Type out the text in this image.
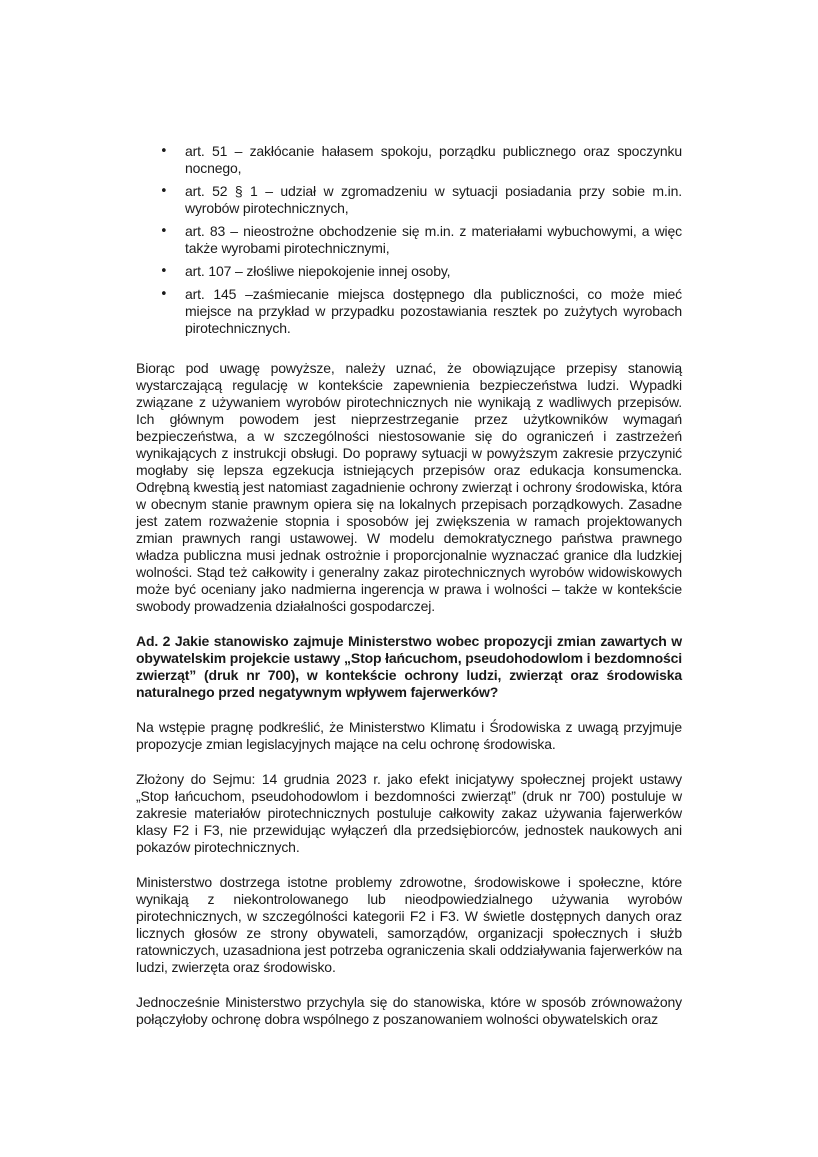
• art. 51 – zakłócanie hałasem spokoju, porządku publicznego oraz spoczynku nocnego,
• art. 52 § 1 – udział w zgromadzeniu w sytuacji posiadania przy sobie m.in. wyrobów pirotechnicznych,
• art. 83 – nieostrożne obchodzenie się m.in. z materiałami wybuchowymi, a więc także wyrobami pirotechnicznymi,
• art. 107 – złośliwe niepokojenie innej osoby,
• art. 145 –zaśmiecanie miejsca dostępnego dla publiczności, co może mieć miejsce na przykład w przypadku pozostawiania resztek po zużytych wyrobach pirotechnicznych.

Biorąc pod uwagę powyższe, należy uznać, że obowiązujące przepisy stanowią wystarczającą regulację w kontekście zapewnienia bezpieczeństwa ludzi. Wypadki związane z używaniem wyrobów pirotechnicznych nie wynikają z wadliwych przepisów. Ich głównym powodem jest nieprzestrzeganie przez użytkowników wymagań bezpieczeństwa, a w szczególności niestosowanie się do ograniczeń i zastrzeżeń wynikających z instrukcji obsługi. Do poprawy sytuacji w powyższym zakresie przyczynić mogłaby się lepsza egzekucja istniejących przepisów oraz edukacja konsumencka. Odrębną kwestią jest natomiast zagadnienie ochrony zwierząt i ochrony środowiska, która w obecnym stanie prawnym opiera się na lokalnych przepisach porządkowych. Zasadne jest zatem rozważenie stopnia i sposobów jej zwiększenia w ramach projektowanych zmian prawnych rangi ustawowej. W modelu demokratycznego państwa prawnego władza publiczna musi jednak ostrożnie i proporcjonalnie wyznaczać granice dla ludzkiej wolności. Stąd też całkowity i generalny zakaz pirotechnicznych wyrobów widowiskowych może być oceniany jako nadmierna ingerencja w prawa i wolności – także w kontekście swobody prowadzenia działalności gospodarczej.

Ad. 2 Jakie stanowisko zajmuje Ministerstwo wobec propozycji zmian zawartych w obywatelskim projekcie ustawy „Stop łańcuchom, pseudohodowlom i bezdomności zwierząt” (druk nr 700), w kontekście ochrony ludzi, zwierząt oraz środowiska naturalnego przed negatywnym wpływem fajerwerków?

Na wstępie pragnę podkreślić, że Ministerstwo Klimatu i Środowiska z uwagą przyjmuje propozycje zmian legislacyjnych mające na celu ochronę środowiska.

Złożony do Sejmu: 14 grudnia 2023 r. jako efekt inicjatywy społecznej projekt ustawy „Stop łańcuchom, pseudohodowlom i bezdomności zwierząt” (druk nr 700) postuluje w zakresie materiałów pirotechnicznych postuluje całkowity zakaz używania fajerwerków klasy F2 i F3, nie przewidując wyłączeń dla przedsiębiorców, jednostek naukowych ani pokazów pirotechnicznych.

Ministerstwo dostrzega istotne problemy zdrowotne, środowiskowe i społeczne, które wynikają z niekontrolowanego lub nieodpowiedzialnego używania wyrobów pirotechnicznych, w szczególności kategorii F2 i F3. W świetle dostępnych danych oraz licznych głosów ze strony obywateli, samorządów, organizacji społecznych i służb ratowniczych, uzasadniona jest potrzeba ograniczenia skali oddziaływania fajerwerków na ludzi, zwierzęta oraz środowisko.

Jednocześnie Ministerstwo przychyla się do stanowiska, które w sposób zrównoważony połączyłoby ochronę dobra wspólnego z poszanowaniem wolności obywatelskich oraz
